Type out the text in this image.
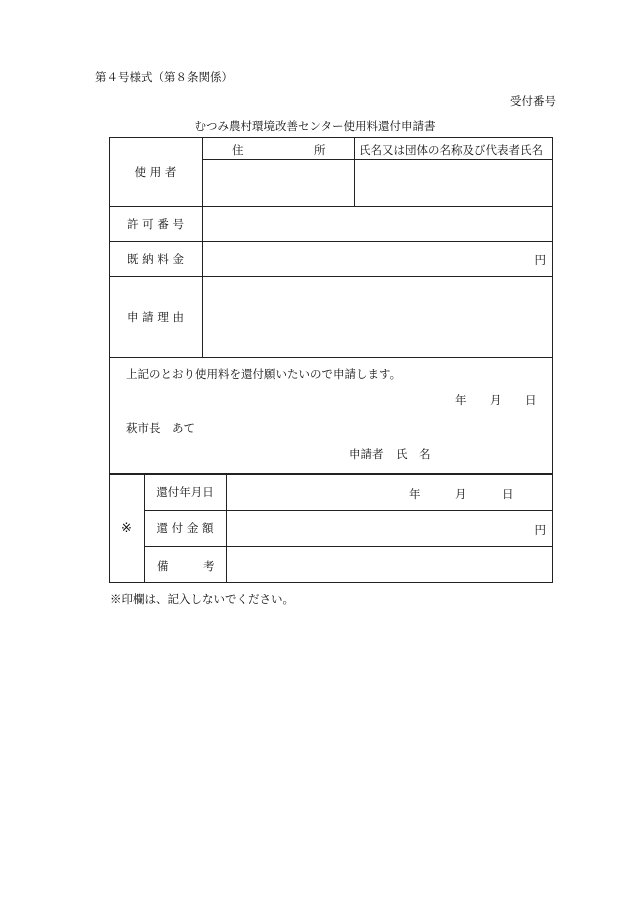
第４号様式（第８条関係）
受付番号
むつみ農村環境改善センター使用料還付申請書
使 用 者
住	所	氏名又は団体の名称及び代表者氏名
許 可 番 号
既 納 料 金	円
申 請 理 由
上記のとおり使用料を還付願いたいので申請します。
年 月 日
萩市長　あて
申請者 氏　名
※
還付年月日	年	月	日
還 付 金 額	円
備	考
※印欄は、記入しないでください。
